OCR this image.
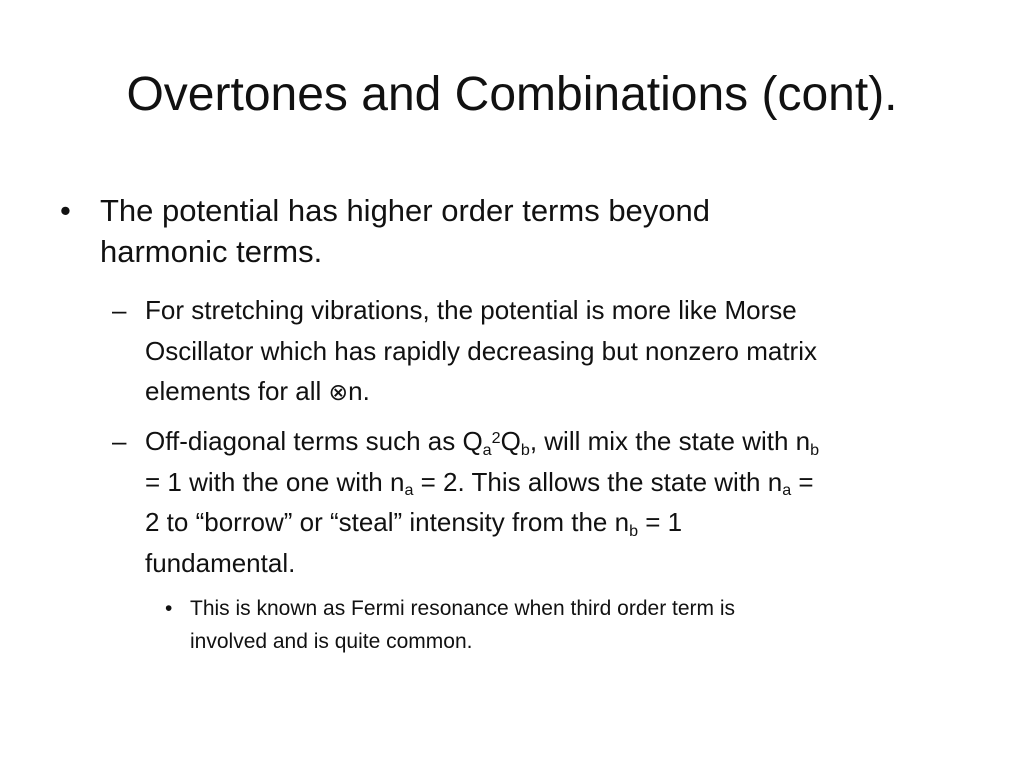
Overtones and Combinations (cont).
• The potential has higher order terms beyond
harmonic terms.
– For stretching vibrations, the potential is more like Morse
Oscillator which has rapidly decreasing but nonzero matrix
elements for all ⊗n.
– Off-diagonal terms such as $Q_a^2Q_b$, will mix the state with $n_b$
= 1 with the one with $n_a = 2$. This allows the state with $n_a$ =
2 to “borrow” or “steal” intensity from the $n_b = 1$
fundamental.
• This is known as Fermi resonance when third order term is
involved and is quite common.
